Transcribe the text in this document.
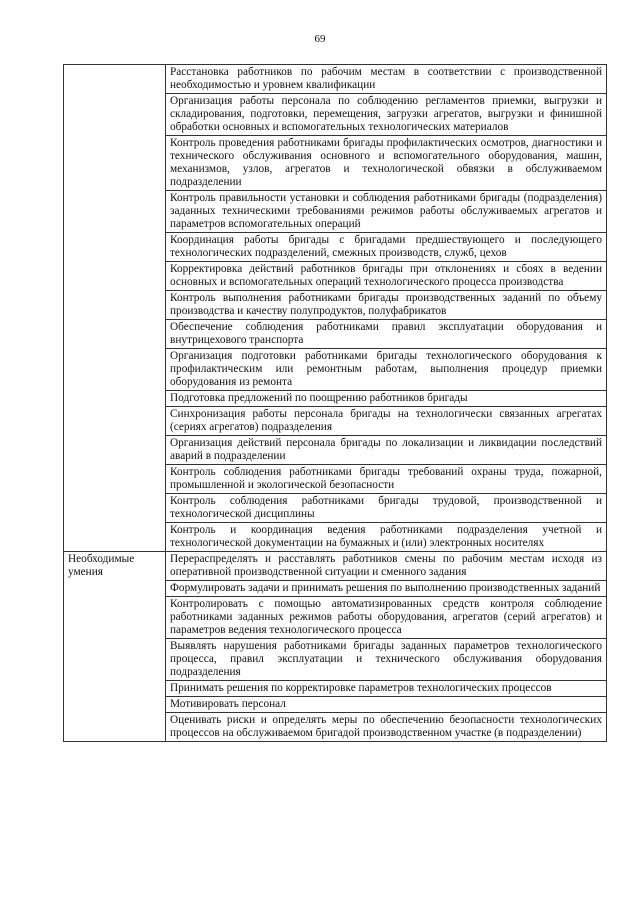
69
	Расстановка работников по рабочим местам в соответствии с производственной необходимостью и уровнем квалификации
	Организация работы персонала по соблюдению регламентов приемки, выгрузки и складирования, подготовки, перемещения, загрузки агрегатов, выгрузки и финишной обработки основных и вспомогательных технологических материалов
	Контроль проведения работниками бригады профилактических осмотров, диагностики и технического обслуживания основного и вспомогательного оборудования, машин, механизмов, узлов, агрегатов и технологической обвязки в обслуживаемом подразделении
	Контроль правильности установки и соблюдения работниками бригады (подразделения) заданных техническими требованиями режимов работы обслуживаемых агрегатов и параметров вспомогательных операций
	Координация работы бригады с бригадами предшествующего и последующего технологических подразделений, смежных производств, служб, цехов
	Корректировка действий работников бригады при отклонениях и сбоях в ведении основных и вспомогательных операций технологического процесса производства
	Контроль выполнения работниками бригады производственных заданий по объему производства и качеству полупродуктов, полуфабрикатов
	Обеспечение соблюдения работниками правил эксплуатации оборудования и внутрицехового транспорта
	Организация подготовки работниками бригады технологического оборудования к профилактическим или ремонтным работам, выполнения процедур приемки оборудования из ремонта
	Подготовка предложений по поощрению работников бригады
	Синхронизация работы персонала бригады на технологически связанных агрегатах (сериях агрегатов) подразделения
	Организация действий персонала бригады по локализации и ликвидации последствий аварий в подразделении
	Контроль соблюдения работниками бригады требований охраны труда, пожарной, промышленной и экологической безопасности
	Контроль соблюдения работниками бригады трудовой, производственной и технологической дисциплины
	Контроль и координация ведения работниками подразделения учетной и технологической документации на бумажных и (или) электронных носителях
Необходимые умения	Перераспределять и расставлять работников смены по рабочим местам исходя из оперативной производственной ситуации и сменного задания
	Формулировать задачи и принимать решения по выполнению производственных заданий
	Контролировать с помощью автоматизированных средств контроля соблюдение работниками заданных режимов работы оборудования, агрегатов (серий агрегатов) и параметров ведения технологического процесса
	Выявлять нарушения работниками бригады заданных параметров технологического процесса, правил эксплуатации и технического обслуживания оборудования подразделения
	Принимать решения по корректировке параметров технологических процессов
	Мотивировать персонал
	Оценивать риски и определять меры по обеспечению безопасности технологических процессов на обслуживаемом бригадой производственном участке (в подразделении)
